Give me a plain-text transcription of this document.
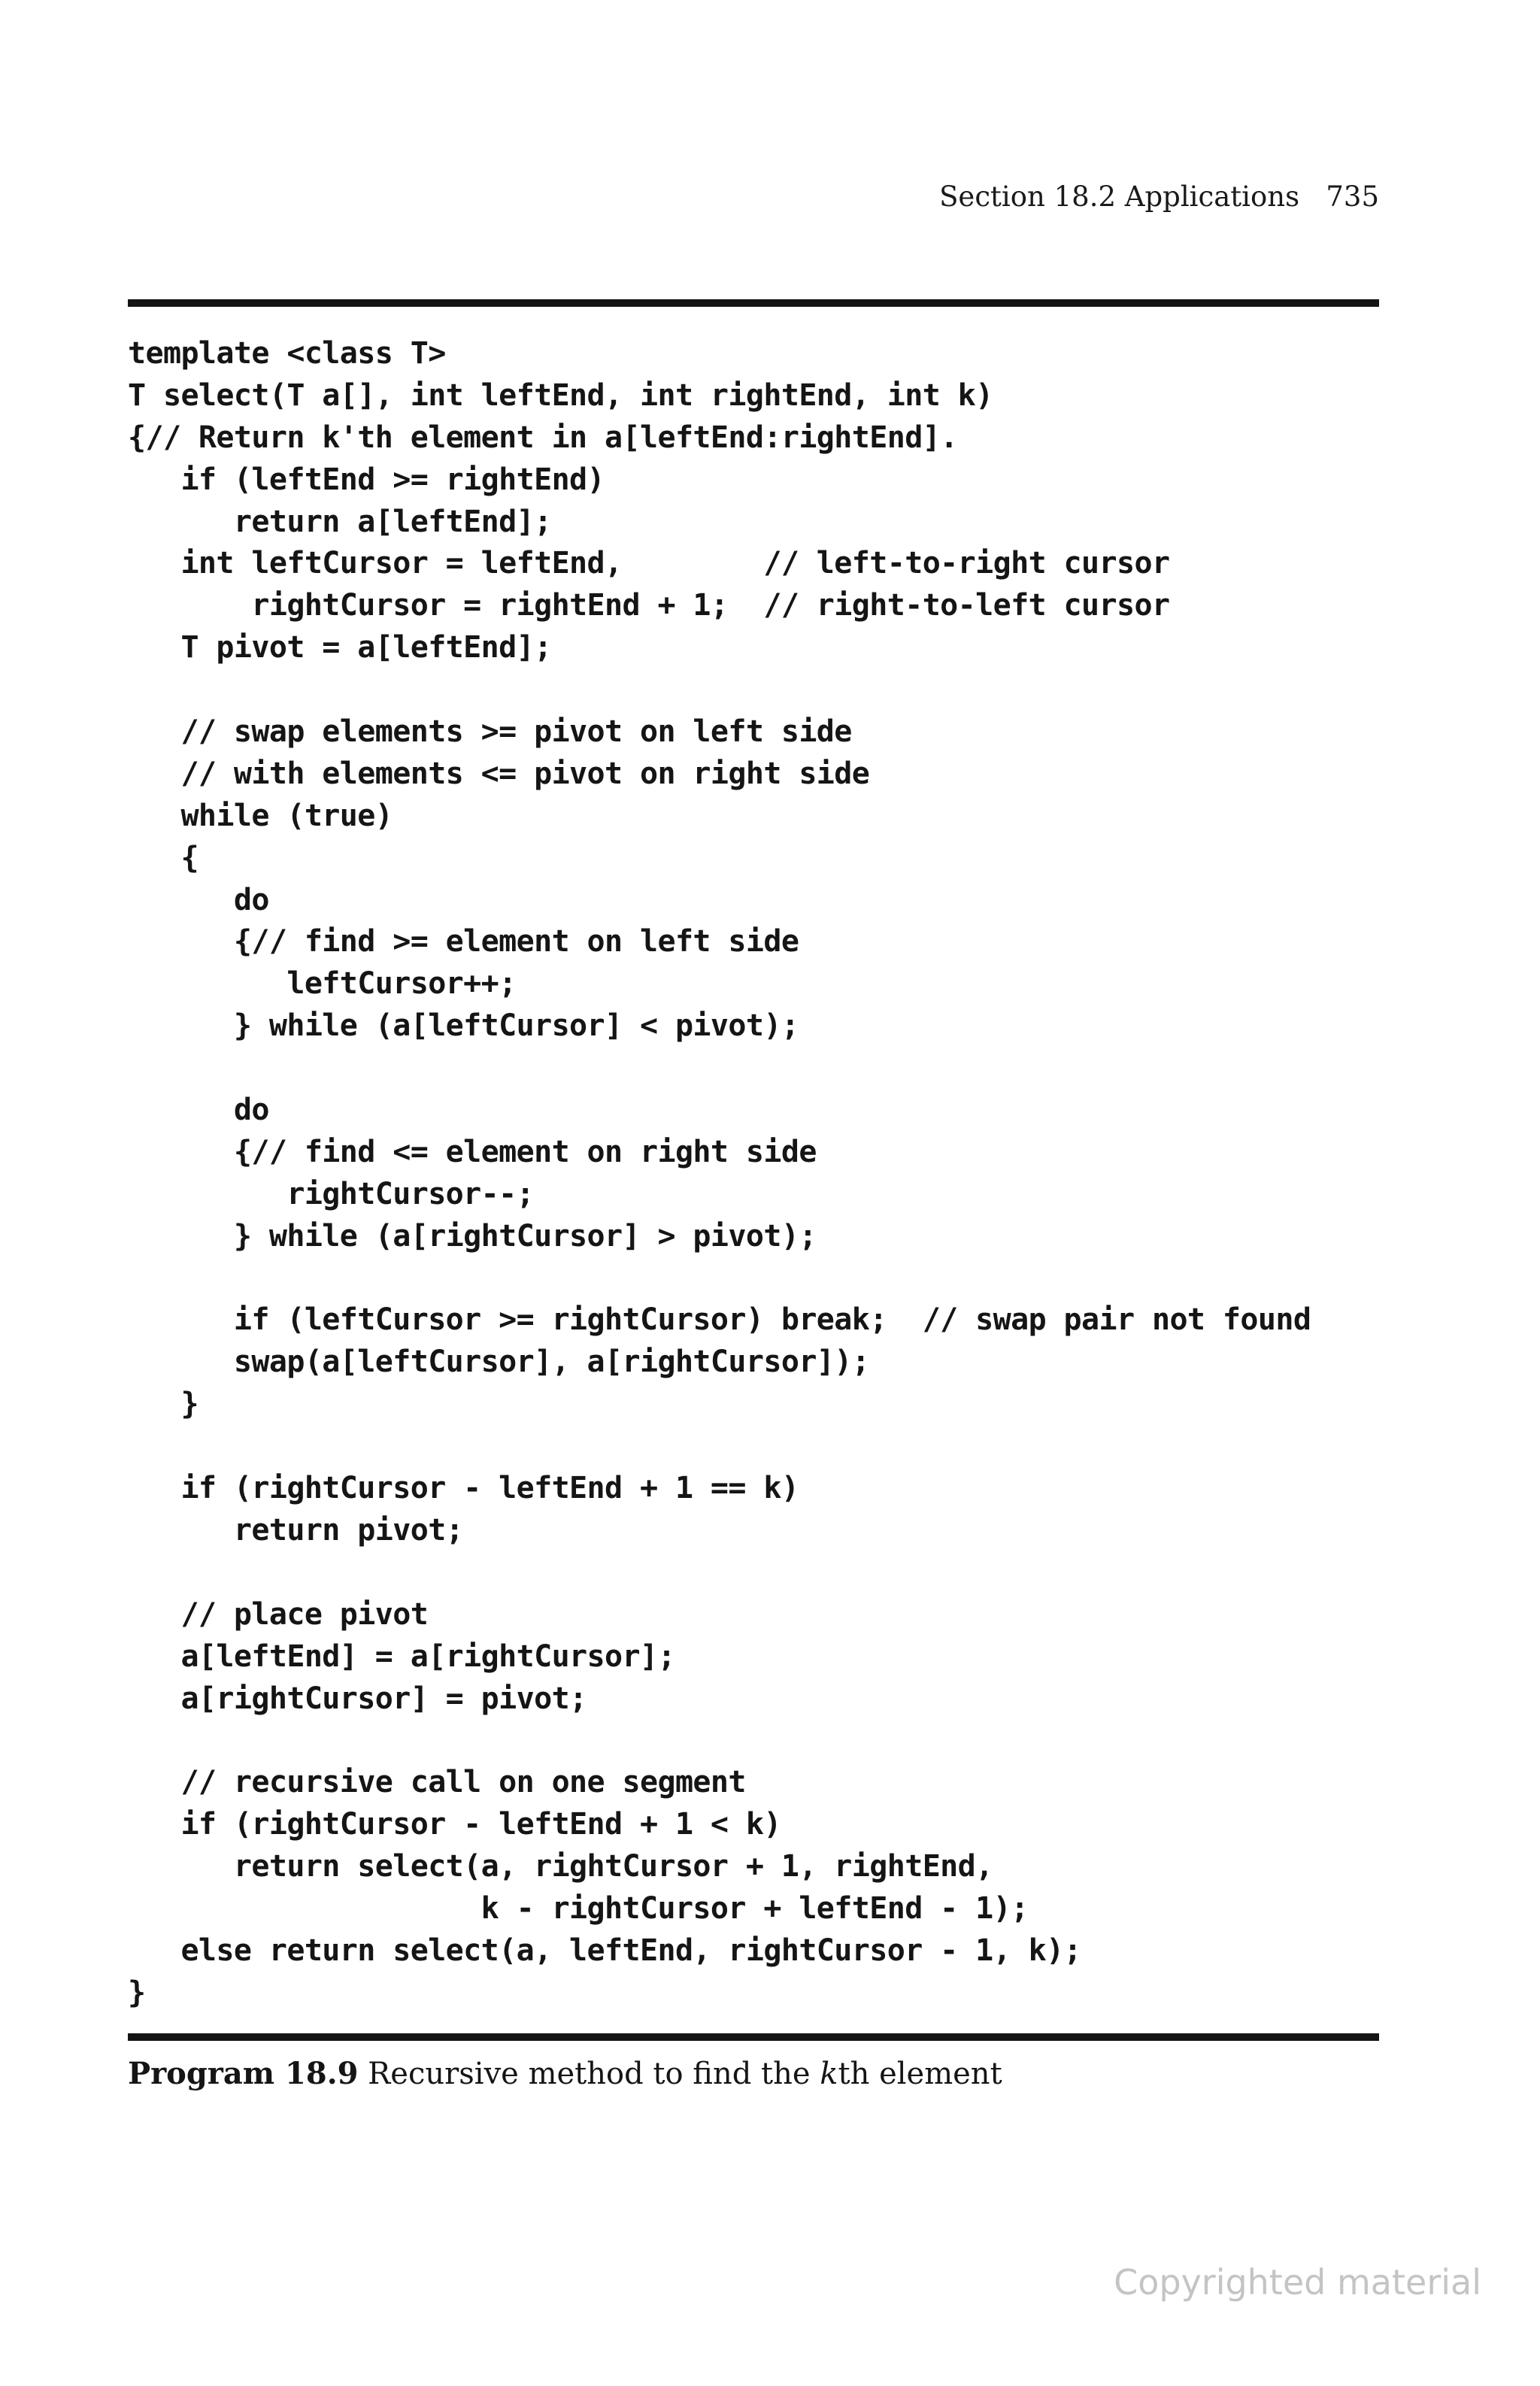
Section 18.2 Applications   735
template <class T>
T select(T a[], int leftEnd, int rightEnd, int k)
{// Return k'th element in a[leftEnd:rightEnd].
if (leftEnd >= rightEnd)
return a[leftEnd];
int leftCursor = leftEnd,        // left-to-right cursor
rightCursor = rightEnd + 1;  // right-to-left cursor
T pivot = a[leftEnd];
// swap elements >= pivot on left side
// with elements <= pivot on right side
while (true)
{
do
{// find >= element on left side
leftCursor++;
} while (a[leftCursor] < pivot);
do
{// find <= element on right side
rightCursor--;
} while (a[rightCursor] > pivot);
if (leftCursor >= rightCursor) break;  // swap pair not found
swap(a[leftCursor], a[rightCursor]);
}
if (rightCursor - leftEnd + 1 == k)
return pivot;
// place pivot
a[leftEnd] = a[rightCursor];
a[rightCursor] = pivot;
// recursive call on one segment
if (rightCursor - leftEnd + 1 < k)
return select(a, rightCursor + 1, rightEnd,
k - rightCursor + leftEnd - 1);
else return select(a, leftEnd, rightCursor - 1, k);
}
Program 18.9 Recursive method to find the kth element
Copyrighted material
